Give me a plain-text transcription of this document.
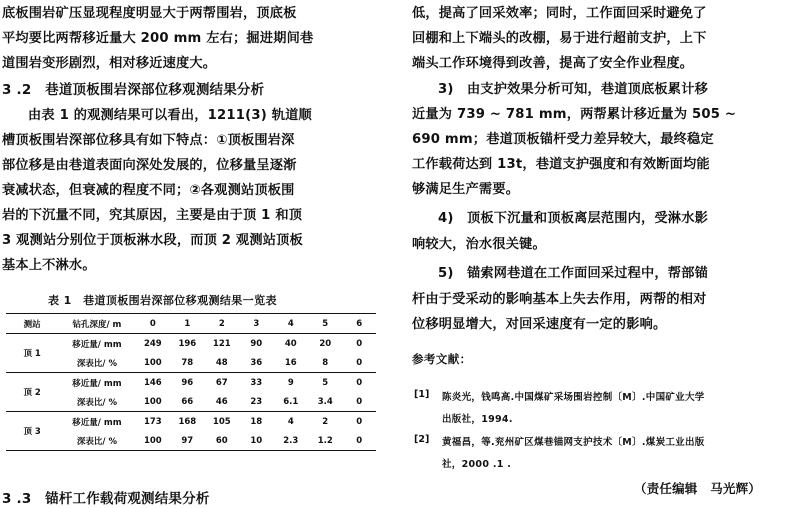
底板围岩矿压显现程度明显大于两帮围岩，顶底板
平均要比两帮移近量大 200 mm 左右；掘进期间巷
道围岩变形剧烈，相对移近速度大。
3 .2　巷道顶板围岩深部位移观测结果分析
由表 1 的观测结果可以看出，1211(3) 轨道顺
槽顶板围岩深部位移具有如下特点：①顶板围岩深
部位移是由巷道表面向深处发展的，位移量呈逐渐
衰减状态，但衰减的程度不同；②各观测站顶板围
岩的下沉量不同，究其原因，主要是由于顶 1 和顶
3 观测站分别位于顶板淋水段，而顶 2 观测站顶板
基本上不淋水。
表 1　巷道顶板围岩深部位移观测结果一览表
测站	钻孔深度/ m	0	1	2	3	4	5	6
顶 1	移近量/ mm	249	196	121	90	40	20	0
	深表比/ %	100	78	48	36	16	8	0
顶 2	移近量/ mm	146	96	67	33	9	5	0
	深表比/ %	100	66	46	23	6.1	3.4	0
顶 3	移近量/ mm	173	168	105	18	4	2	0
	深表比/ %	100	97	60	10	2.3	1.2	0
3 .3　锚杆工作载荷观测结果分析
低，提高了回采效率；同时，工作面回采时避免了
回棚和上下端头的改棚，易于进行超前支护，上下
端头工作环境得到改善，提高了安全作业程度。
3)　由支护效果分析可知，巷道顶底板累计移
近量为 739 ~ 781 mm，两帮累计移近量为 505 ~
690 mm；巷道顶板锚杆受力差异较大，最终稳定
工作载荷达到 13t，巷道支护强度和有效断面均能
够满足生产需要。
4)　顶板下沉量和顶板离层范围内，受淋水影
响较大，治水很关键。
5)　锚索网巷道在工作面回采过程中，帮部锚
杆由于受采动的影响基本上失去作用，两帮的相对
位移明显增大，对回采速度有一定的影响。
参考文献：
[1] 陈炎光，钱鸣高.中国煤矿采场围岩控制〔M〕.中国矿业大学
出版社，1994.
[2] 黄福昌，等.兖州矿区煤巷锚网支护技术〔M〕.煤炭工业出版
社，2000 .1 .
（责任编辑　马光辉）
